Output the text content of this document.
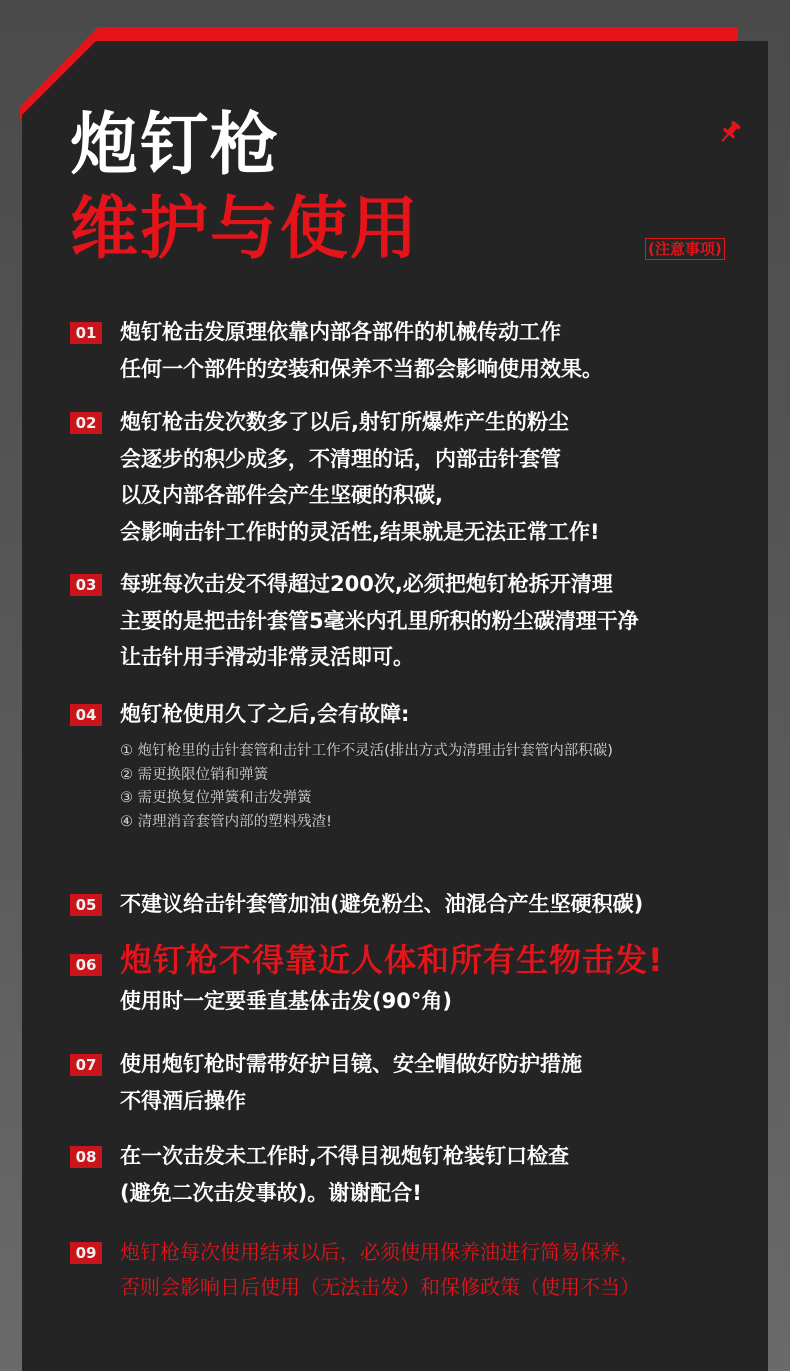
炮钉枪
维护与使用	(注意事项)
01 炮钉枪击发原理依靠内部各部件的机械传动工作
任何一个部件的安装和保养不当都会影响使用效果。
02 炮钉枪击发次数多了以后,射钉所爆炸产生的粉尘
会逐步的积少成多，不清理的话，内部击针套管
以及内部各部件会产生坚硬的积碳,
会影响击针工作时的灵活性,结果就是无法正常工作!
03 每班每次击发不得超过200次,必须把炮钉枪拆开清理
主要的是把击针套管5毫米内孔里所积的粉尘碳清理干净
让击针用手滑动非常灵活即可。
04 炮钉枪使用久了之后,会有故障:
① 炮钉枪里的击针套管和击针工作不灵活(排出方式为清理击针套管内部积碳)
② 需更换限位销和弹簧
③ 需更换复位弹簧和击发弹簧
④ 清理消音套管内部的塑料残渣!
05 不建议给击针套管加油(避免粉尘、油混合产生坚硬积碳)
06 炮钉枪不得靠近人体和所有生物击发!
使用时一定要垂直基体击发(90°角)
07 使用炮钉枪时需带好护目镜、安全帽做好防护措施
不得酒后操作
08 在一次击发未工作时,不得目视炮钉枪装钉口检查
(避免二次击发事故)。谢谢配合!
09 炮钉枪每次使用结束以后，必须使用保养油进行简易保养，
否则会影响日后使用（无法击发）和保修政策（使用不当）
